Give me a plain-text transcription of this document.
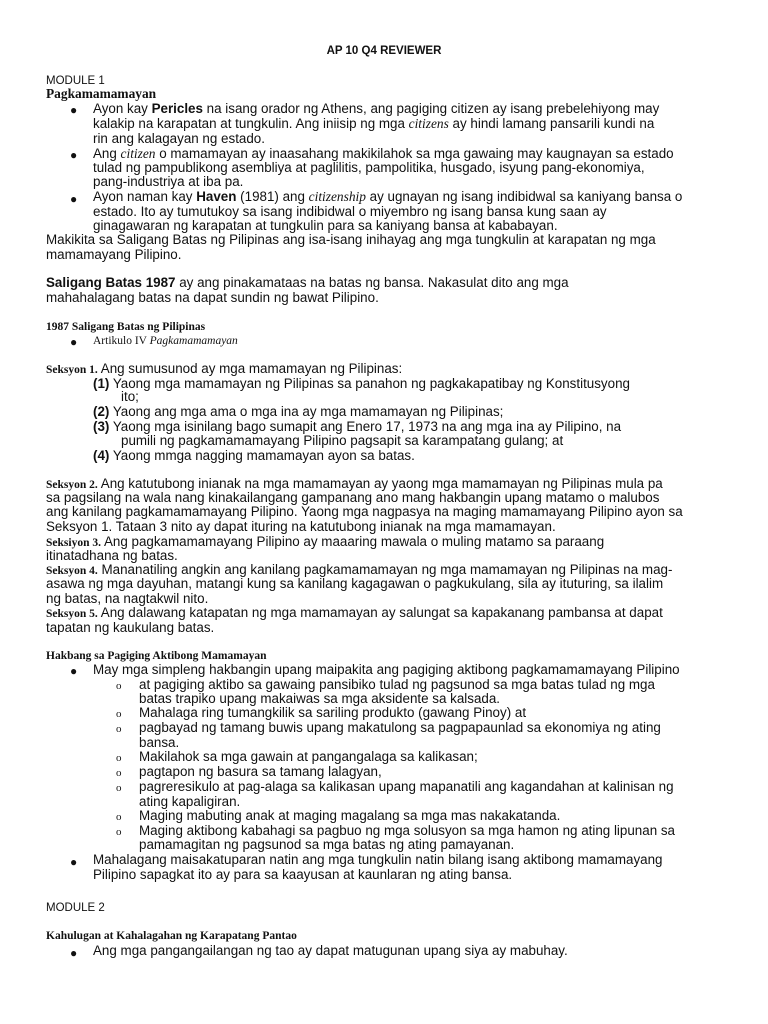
AP 10 Q4 REVIEWER
MODULE 1
Pagkamamamayan
● Ayon kay Pericles na isang orador ng Athens, ang pagiging citizen ay isang prebelehiyong may
kalakip na karapatan at tungkulin. Ang iniisip ng mga citizens ay hindi lamang pansarili kundi na
rin ang kalagayan ng estado.
● Ang citizen o mamamayan ay inaasahang makikilahok sa mga gawaing may kaugnayan sa estado
tulad ng pampublikong asembliya at paglilitis, pampolitika, husgado, isyung pang-ekonomiya,
pang-industriya at iba pa.
● Ayon naman kay Haven (1981) ang citizenship ay ugnayan ng isang indibidwal sa kaniyang bansa o
estado. Ito ay tumutukoy sa isang indibidwal o miyembro ng isang bansa kung saan ay
ginagawaran ng karapatan at tungkulin para sa kaniyang bansa at kababayan.
Makikita sa Saligang Batas ng Pilipinas ang isa-isang inihayag ang mga tungkulin at karapatan ng mga
mamamayang Pilipino.
Saligang Batas 1987 ay ang pinakamataas na batas ng bansa. Nakasulat dito ang mga
mahahalagang batas na dapat sundin ng bawat Pilipino.
1987 Saligang Batas ng Pilipinas
● Artikulo IV Pagkamamamayan
Seksyon 1. Ang sumusunod ay mga mamamayan ng Pilipinas:
(1) Yaong mga mamamayan ng Pilipinas sa panahon ng pagkakapatibay ng Konstitusyong
ito;
(2) Yaong ang mga ama o mga ina ay mga mamamayan ng Pilipinas;
(3) Yaong mga isinilang bago sumapit ang Enero 17, 1973 na ang mga ina ay Pilipino, na
pumili ng pagkamamamayang Pilipino pagsapit sa karampatang gulang; at
(4) Yaong mmga nagging mamamayan ayon sa batas.
Seksyon 2. Ang katutubong inianak na mga mamamayan ay yaong mga mamamayan ng Pilipinas mula pa
sa pagsilang na wala nang kinakailangang gampanang ano mang hakbangin upang matamo o malubos
ang kanilang pagkamamamayang Pilipino. Yaong mga nagpasya na maging mamamayang Pilipino ayon sa
Seksyon 1. Tataan 3 nito ay dapat ituring na katutubong inianak na mga mamamayan.
Seksiyon 3. Ang pagkamamamayang Pilipino ay maaaring mawala o muling matamo sa paraang
itinatadhana ng batas.
Seksyon 4. Mananatiling angkin ang kanilang pagkamamamayan ng mga mamamayan ng Pilipinas na mag-
asawa ng mga dayuhan, matangi kung sa kanilang kagagawan o pagkukulang, sila ay ituturing, sa ilalim
ng batas, na nagtakwil nito.
Seksyon 5. Ang dalawang katapatan ng mga mamamayan ay salungat sa kapakanang pambansa at dapat
tapatan ng kaukulang batas.
Hakbang sa Pagiging Aktibong Mamamayan
● May mga simpleng hakbangin upang maipakita ang pagiging aktibong pagkamamamayang Pilipino
o at pagiging aktibo sa gawaing pansibiko tulad ng pagsunod sa mga batas tulad ng mga
batas trapiko upang makaiwas sa mga aksidente sa kalsada.
o Mahalaga ring tumangkilik sa sariling produkto (gawang Pinoy) at
o pagbayad ng tamang buwis upang makatulong sa pagpapaunlad sa ekonomiya ng ating
bansa.
o Makilahok sa mga gawain at pangangalaga sa kalikasan;
o pagtapon ng basura sa tamang lalagyan,
o pagreresikulo at pag-alaga sa kalikasan upang mapanatili ang kagandahan at kalinisan ng
ating kapaligiran.
o Maging mabuting anak at maging magalang sa mga mas nakakatanda.
o Maging aktibong kabahagi sa pagbuo ng mga solusyon sa mga hamon ng ating lipunan sa
pamamagitan ng pagsunod sa mga batas ng ating pamayanan.
● Mahalagang maisakatuparan natin ang mga tungkulin natin bilang isang aktibong mamamayang
Pilipino sapagkat ito ay para sa kaayusan at kaunlaran ng ating bansa.
MODULE 2
Kahulugan at Kahalagahan ng Karapatang Pantao
● Ang mga pangangailangan ng tao ay dapat matugunan upang siya ay mabuhay.
